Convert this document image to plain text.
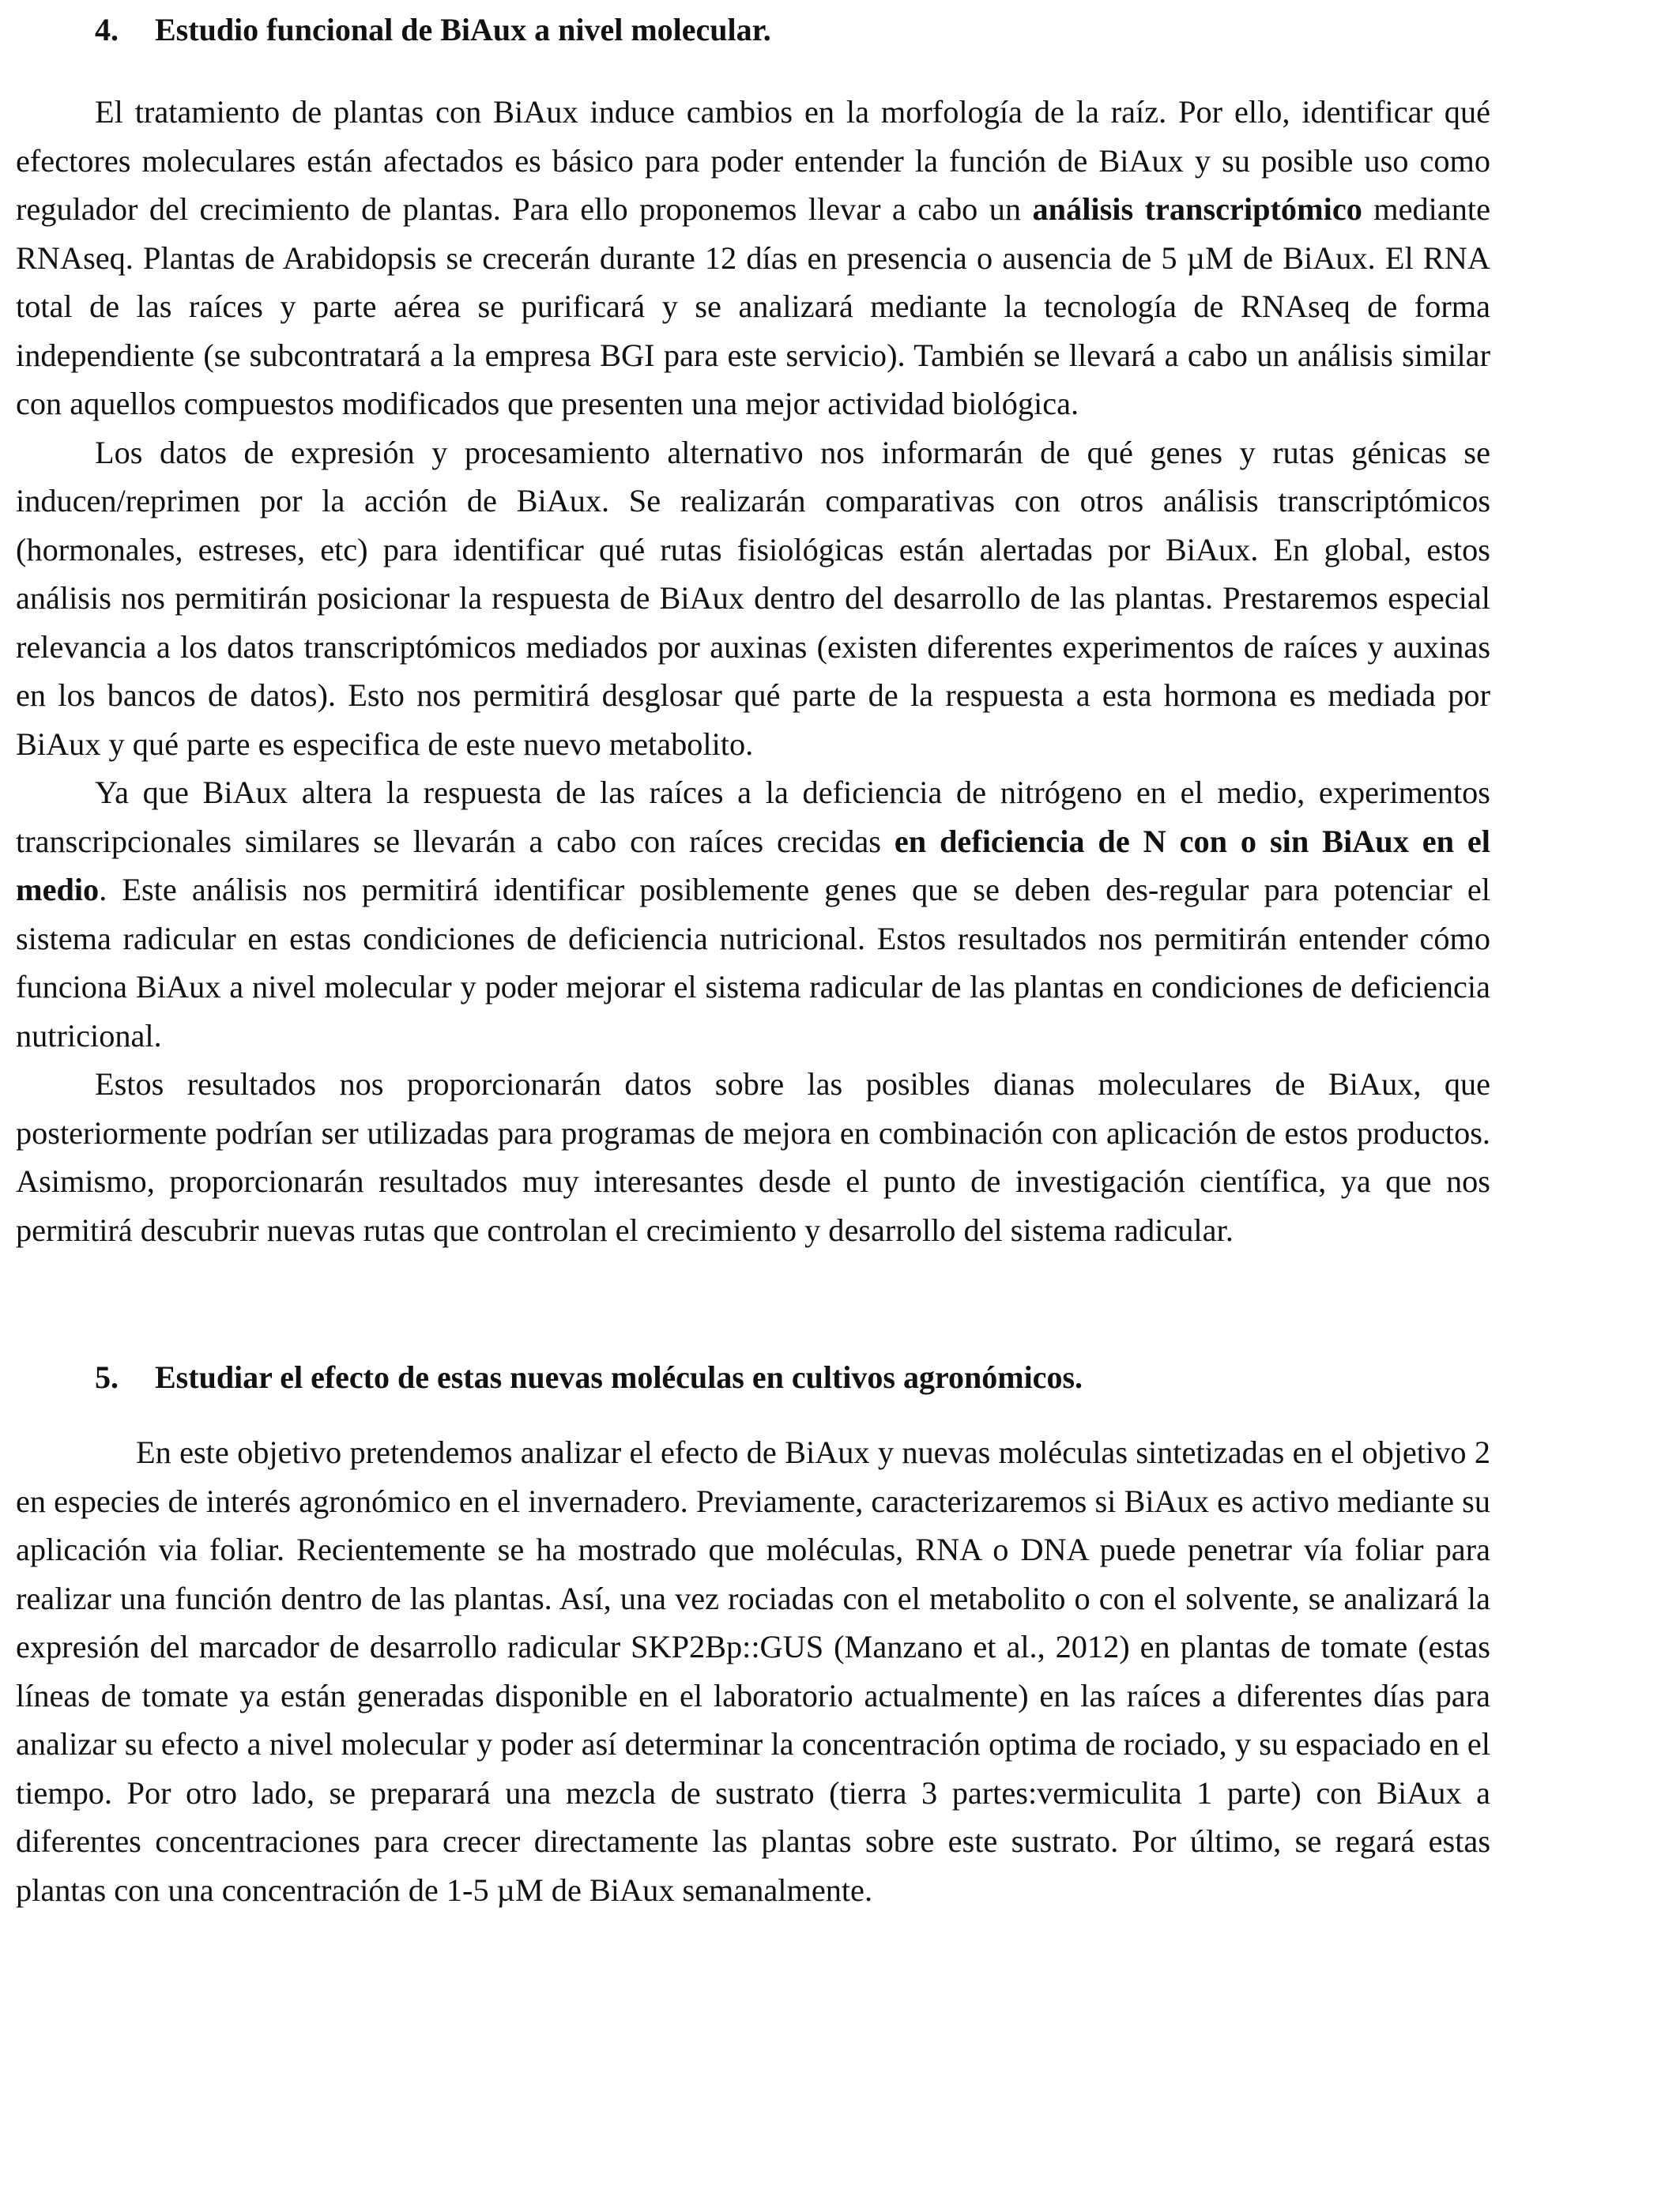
4. Estudio funcional de BiAux a nivel molecular.

El tratamiento de plantas con BiAux induce cambios en la morfología de la raíz. Por ello, identificar qué efectores moleculares están afectados es básico para poder entender la función de BiAux y su posible uso como regulador del crecimiento de plantas. Para ello proponemos llevar a cabo un análisis transcriptómico mediante RNAseq. Plantas de Arabidopsis se crecerán durante 12 días en presencia o ausencia de 5 µM de BiAux. El RNA total de las raíces y parte aérea se purificará y se analizará mediante la tecnología de RNAseq de forma independiente (se subcontratará a la empresa BGI para este servicio). También se llevará a cabo un análisis similar con aquellos compuestos modificados que presenten una mejor actividad biológica.

Los datos de expresión y procesamiento alternativo nos informarán de qué genes y rutas génicas se inducen/reprimen por la acción de BiAux. Se realizarán comparativas con otros análisis transcriptómicos (hormonales, estreses, etc) para identificar qué rutas fisiológicas están alertadas por BiAux. En global, estos análisis nos permitirán posicionar la respuesta de BiAux dentro del desarrollo de las plantas. Prestaremos especial relevancia a los datos transcriptómicos mediados por auxinas (existen diferentes experimentos de raíces y auxinas en los bancos de datos). Esto nos permitirá desglosar qué parte de la respuesta a esta hormona es mediada por BiAux y qué parte es especifica de este nuevo metabolito.

Ya que BiAux altera la respuesta de las raíces a la deficiencia de nitrógeno en el medio, experimentos transcripcionales similares se llevarán a cabo con raíces crecidas en deficiencia de N con o sin BiAux en el medio. Este análisis nos permitirá identificar posiblemente genes que se deben des-regular para potenciar el sistema radicular en estas condiciones de deficiencia nutricional. Estos resultados nos permitirán entender cómo funciona BiAux a nivel molecular y poder mejorar el sistema radicular de las plantas en condiciones de deficiencia nutricional.

Estos resultados nos proporcionarán datos sobre las posibles dianas moleculares de BiAux, que posteriormente podrían ser utilizadas para programas de mejora en combinación con aplicación de estos productos. Asimismo, proporcionarán resultados muy interesantes desde el punto de investigación científica, ya que nos permitirá descubrir nuevas rutas que controlan el crecimiento y desarrollo del sistema radicular.

5. Estudiar el efecto de estas nuevas moléculas en cultivos agronómicos.

En este objetivo pretendemos analizar el efecto de BiAux y nuevas moléculas sintetizadas en el objetivo 2 en especies de interés agronómico en el invernadero. Previamente, caracterizaremos si BiAux es activo mediante su aplicación via foliar. Recientemente se ha mostrado que moléculas, RNA o DNA puede penetrar vía foliar para realizar una función dentro de las plantas. Así, una vez rociadas con el metabolito o con el solvente, se analizará la expresión del marcador de desarrollo radicular SKP2Bp::GUS (Manzano et al., 2012) en plantas de tomate (estas líneas de tomate ya están generadas disponible en el laboratorio actualmente) en las raíces a diferentes días para analizar su efecto a nivel molecular y poder así determinar la concentración optima de rociado, y su espaciado en el tiempo. Por otro lado, se preparará una mezcla de sustrato (tierra 3 partes:vermiculita 1 parte) con BiAux a diferentes concentraciones para crecer directamente las plantas sobre este sustrato. Por último, se regará estas plantas con una concentración de 1-5 µM de BiAux semanalmente.
